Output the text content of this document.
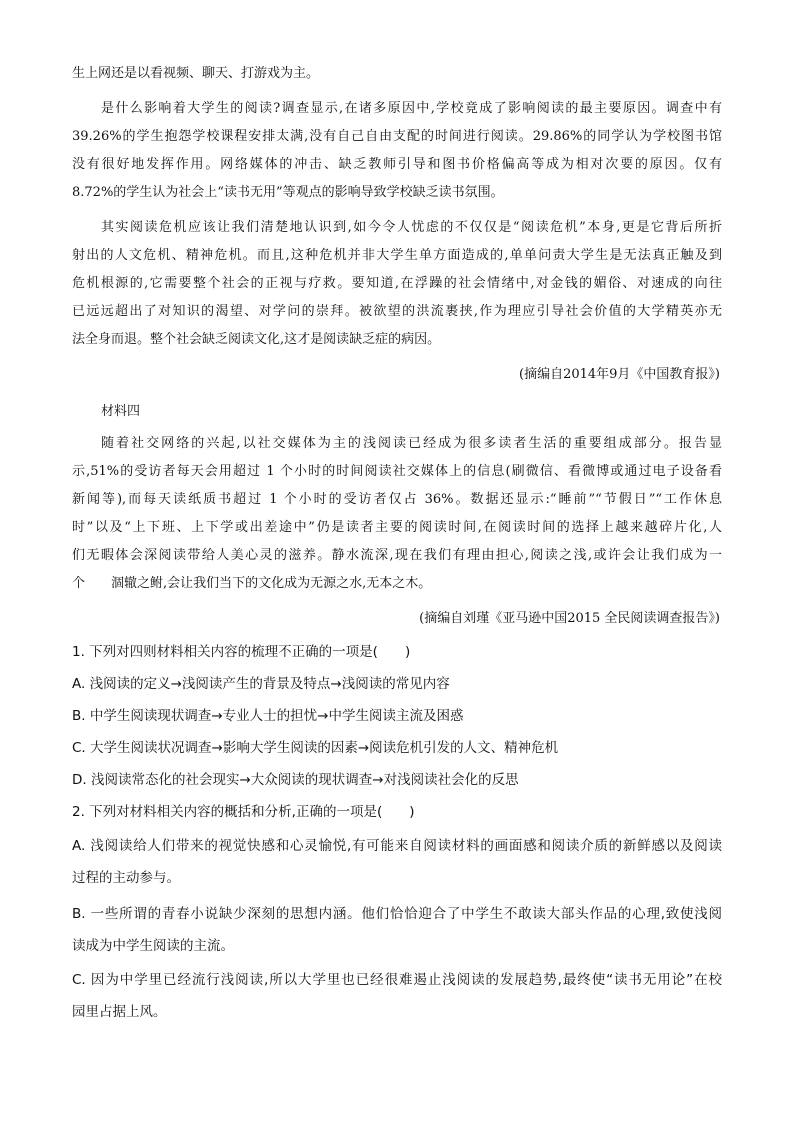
生上网还是以看视频、聊天、打游戏为主。
是什么影响着大学生的阅读?调查显示,在诸多原因中,学校竟成了影响阅读的最主要原因。调查中有
39.26%的学生抱怨学校课程安排太满,没有自己自由支配的时间进行阅读。29.86%的同学认为学校图书馆
没有很好地发挥作用。网络媒体的冲击、缺乏教师引导和图书价格偏高等成为相对次要的原因。仅有
8.72%的学生认为社会上“读书无用”等观点的影响导致学校缺乏读书氛围。
其实阅读危机应该让我们清楚地认识到,如今令人忧虑的不仅仅是“阅读危机”本身,更是它背后所折
射出的人文危机、精神危机。而且,这种危机并非大学生单方面造成的,单单问责大学生是无法真正触及到
危机根源的,它需要整个社会的正视与疗救。要知道,在浮躁的社会情绪中,对金钱的媚俗、对速成的向往
已远远超出了对知识的渴望、对学问的崇拜。被欲望的洪流裹挟,作为理应引导社会价值的大学精英亦无
法全身而退。整个社会缺乏阅读文化,这才是阅读缺乏症的病因。
(摘编自2014年9月《中国教育报》)
材料四
随着社交网络的兴起,以社交媒体为主的浅阅读已经成为很多读者生活的重要组成部分。报告显
示,51%的受访者每天会用超过 1 个小时的时间阅读社交媒体上的信息(刷微信、看微博或通过电子设备看
新闻等),而每天读纸质书超过 1 个小时的受访者仅占 36%。数据还显示:“睡前”“节假日”“工作休息
时”以及“上下班、上下学或出差途中”仍是读者主要的阅读时间,在阅读时间的选择上越来越碎片化,人
们无暇体会深阅读带给人美心灵的滋养。静水流深,现在我们有理由担心,阅读之浅,或许会让我们成为一
个　　涸辙之鲋,会让我们当下的文化成为无源之水,无本之木。
(摘编自刘瑾《亚马逊中国2015 全民阅读调查报告》)
1. 下列对四则材料相关内容的梳理不正确的一项是(　　)
A. 浅阅读的定义→浅阅读产生的背景及特点→浅阅读的常见内容
B. 中学生阅读现状调查→专业人士的担忧→中学生阅读主流及困惑
C. 大学生阅读状况调查→影响大学生阅读的因素→阅读危机引发的人文、精神危机
D. 浅阅读常态化的社会现实→大众阅读的现状调查→对浅阅读社会化的反思
2. 下列对材料相关内容的概括和分析,正确的一项是(　　)
A. 浅阅读给人们带来的视觉快感和心灵愉悦,有可能来自阅读材料的画面感和阅读介质的新鲜感以及阅读
过程的主动参与。
B. 一些所谓的青春小说缺少深刻的思想内涵。他们恰恰迎合了中学生不敢读大部头作品的心理,致使浅阅
读成为中学生阅读的主流。
C. 因为中学里已经流行浅阅读,所以大学里也已经很难遏止浅阅读的发展趋势,最终使“读书无用论”在校
园里占据上风。
